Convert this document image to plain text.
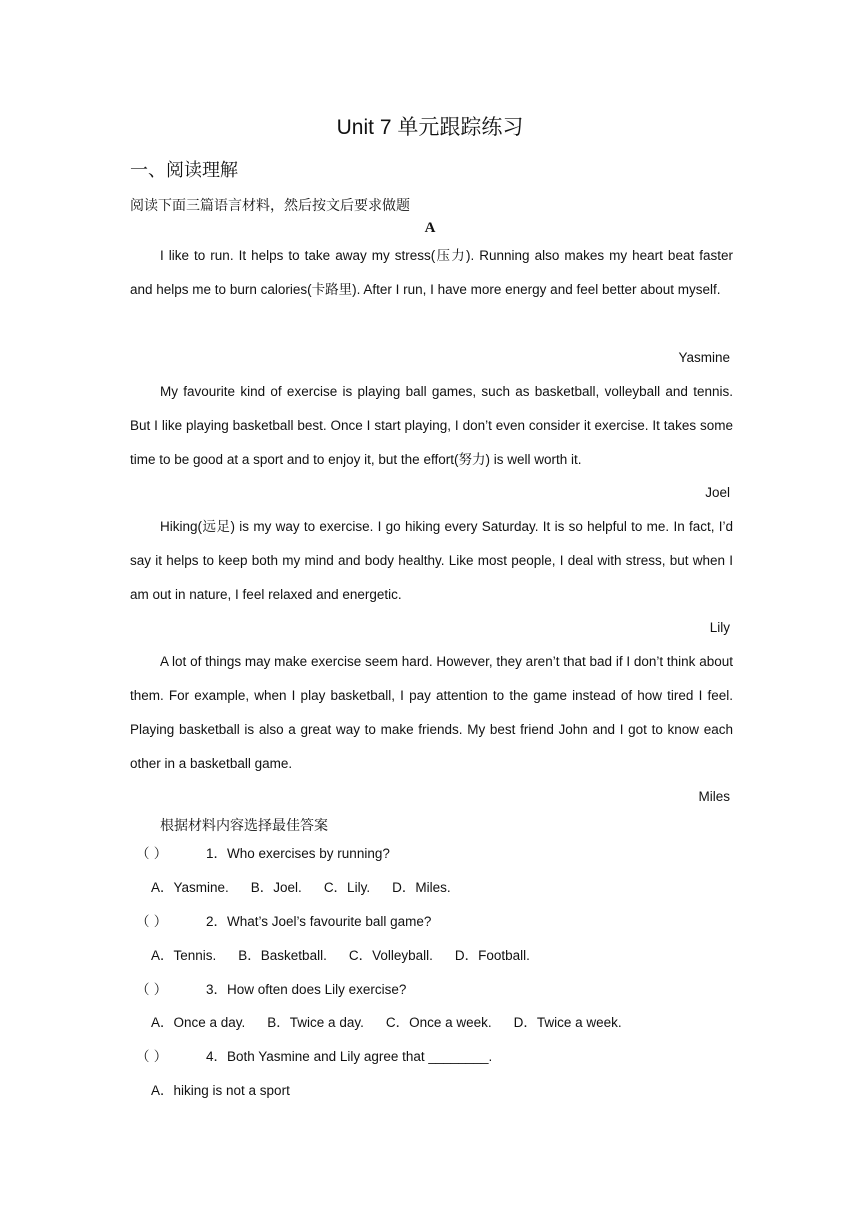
Unit 7 单元跟踪练习
一、阅读理解
阅读下面三篇语言材料，然后按文后要求做题
A

I like to run. It helps to take away my stress(压力). Running also makes my heart beat faster and helps me to burn calories(卡路里). After I run, I have more energy and feel better about myself.

Yasmine

My favourite kind of exercise is playing ball games, such as basketball, volleyball and tennis. But I like playing basketball best. Once I start playing, I don’t even consider it exercise. It takes some time to be good at a sport and to enjoy it, but the effort(努力) is well worth it.

Joel

Hiking(远足) is my way to exercise. I go hiking every Saturday. It is so helpful to me. In fact, I’d say it helps to keep both my mind and body healthy. Like most people, I deal with stress, but when I am out in nature, I feel relaxed and energetic.

Lily

A lot of things may make exercise seem hard. However, they aren’t that bad if I don’t think about them. For example, when I play basketball, I pay attention to the game instead of how tired I feel. Playing basketball is also a great way to make friends. My best friend John and I got to know each other in a basketball game.

Miles
根据材料内容选择最佳答案
（ ）	1．Who exercises by running?
A．Yasmine. B．Joel. C．Lily. D．Miles.
（ ）	2．What’s Joel’s favourite ball game?
A．Tennis. B．Basketball. C．Volleyball. D．Football.
（ ）	3．How often does Lily exercise?
A．Once a day. B．Twice a day. C．Once a week. D．Twice a week.
（ ）	4．Both Yasmine and Lily agree that ________.
A．hiking is not a sport
